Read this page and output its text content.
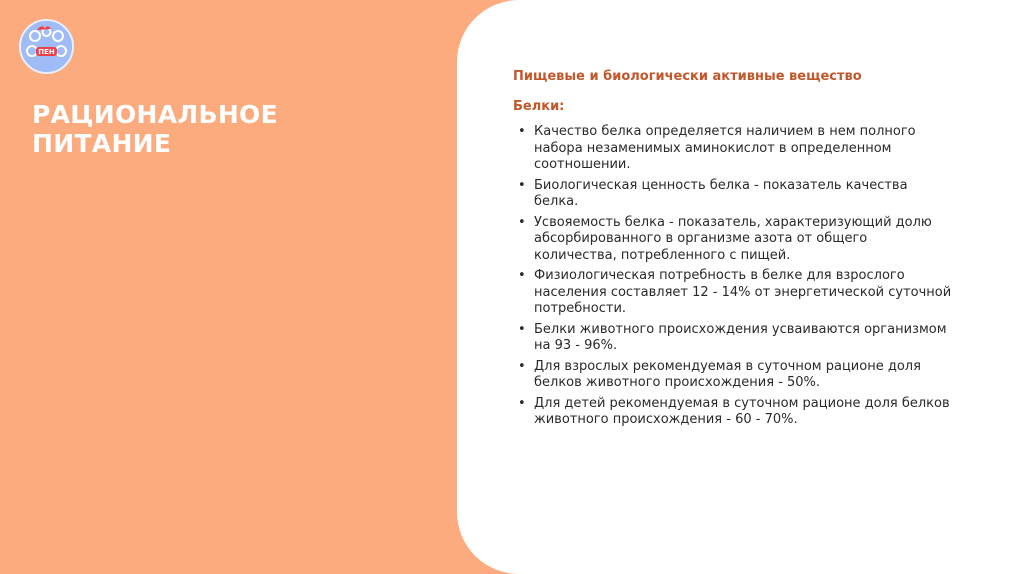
ПЕН
РАЦИОНАЛЬНОЕ
ПИТАНИЕ
Пищевые и биологически активные вещество
Белки:
• Качество белка определяется наличием в нем полного набора незаменимых аминокислот в определенном соотношении.
• Биологическая ценность белка - показатель качества белка.
• Усвояемость белка - показатель, характеризующий долю абсорбированного в организме азота от общего количества, потребленного с пищей.
• Физиологическая потребность в белке для взрослого населения составляет 12 - 14% от энергетической суточной потребности.
• Белки животного происхождения усваиваются организмом на 93 - 96%.
• Для взрослых рекомендуемая в суточном рационе доля белков животного происхождения - 50%.
• Для детей рекомендуемая в суточном рационе доля белков животного происхождения - 60 - 70%.
